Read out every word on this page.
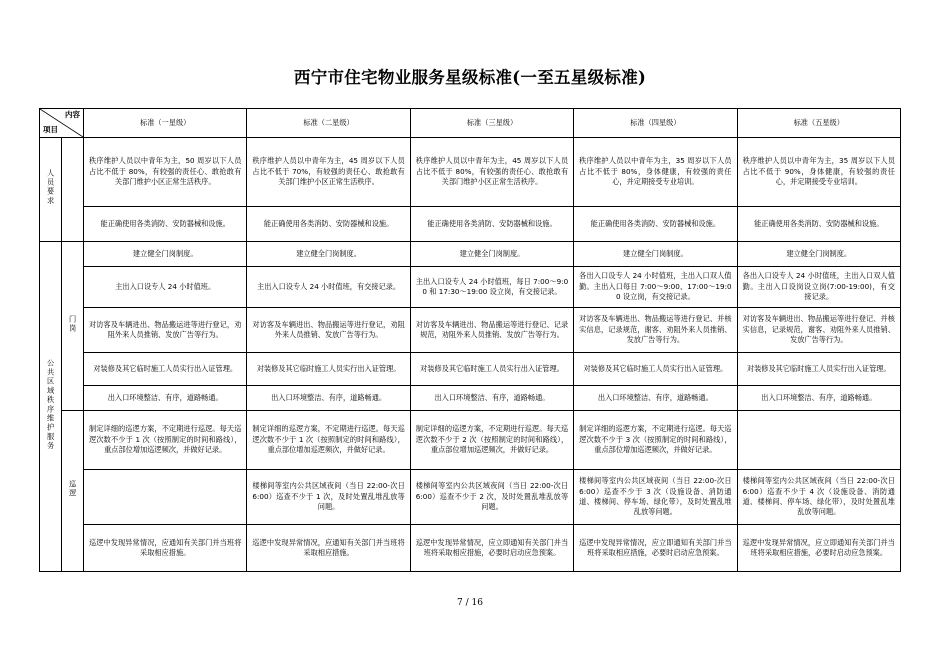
西宁市住宅物业服务星级标准(一至五星级标准)
内容
项目		标准（一星级）	标准（二星级）	标准（三星级）	标准（四星级）	标准（五星级）
人员要求		秩序维护人员以中青年为主，50 周岁以下人员占比不低于 80%，有较强的责任心、敢抢敢有关部门维护小区正常生活秩序。	秩序维护人员以中青年为主，45 周岁以下人员占比不低于 70%，有较强的责任心、敢抢敢有关部门维护小区正常生活秩序。	秩序维护人员以中青年为主，45 周岁以下人员占比不低于 80%，有较强的责任心、敢抢敢有关部门维护小区正常生活秩序。	秩序维护人员以中青年为主，35 周岁以下人员占比不低于 80%，身体健康，有较强的责任心，并定期接受专业培训。	秩序维护人员以中青年为主，35 周岁以下人员占比不低于 90%，身体健康，有较强的责任心，并定期接受专业培训。

		能正确使用各类消防、安防器械和设施。	能正确使用各类消防、安防器械和设施。	能正确使用各类消防、安防器械和设施。	能正确使用各类消防、安防器械和设施。	能正确使用各类消防、安防器械和设施。

公共区域秩序维护服务	门岗	建立健全门岗制度。	建立健全门岗制度。	建立健全门岗制度。	建立健全门岗制度。	建立健全门岗制度。

		主出入口设专人 24 小时值班。	主出入口设专人 24 小时值班，有交接记录。	主出入口设专人 24 小时值班，每日 7:00～9:00 和 17:30～19:00 设立岗，有交接记录。	各出入口设专人 24 小时值班，主出入口双人值勤。主出入口每日 7:00～9:00、17:00～19:00 设立岗，有交接记录。	各出入口设专人 24 小时值班，主出入口双人值勤。主出入口设岗设立岗(7:00-19:00)，有交接记录。

		对访客及车辆进出、物品搬运进等进行登记，劝阻外来人员推销、发放广告等行为。	对访客及车辆进出、物品搬运等进行登记，劝阻外来人员推销、发放广告等行为。	对访客及车辆进出、物品搬运等进行登记、记录规范，劝阻外来人员推销、发放广告等行为。	对访客及车辆进出、物品搬运等进行登记、并核实信息，记录规范，谢客、劝阻外来人员推销、发放广告等行为。	对访客及车辆进出、物品搬运等进行登记、并核实信息，记录规范，谢客、劝阻外来人员推销、发放广告等行为。

		对装修及其它临时施工人员实行出入证管理。	对装修及其它临时施工人员实行出入证管理。	对装修及其它临时施工人员实行出入证管理。	对装修及其它临时施工人员实行出入证管理。	对装修及其它临时施工人员实行出入证管理。

		出入口环境整洁、有序，道路畅通。	出入口环境整洁、有序，道路畅通。	出入口环境整洁、有序，道路畅通。	出入口环境整洁、有序，道路畅通。	出入口环境整洁、有序，道路畅通。

	巡逻	制定详细的巡逻方案，不定期进行巡逻。每天巡逻次数不少于 1 次（按照制定的时间和路线），重点部位增加巡逻频次，并做好记录。	制定详细的巡逻方案，不定期进行巡逻。每天巡逻次数不少于 1 次（按照制定的时间和路线），重点部位增加巡逻频次，并做好记录。	制定详细的巡逻方案，不定期进行巡逻。每天巡逻次数不少于 2 次（按照制定的时间和路线），重点部位增加巡逻频次，并做好记录。	制定详细的巡逻方案，不定期进行巡逻。每天巡逻次数不少于 3 次（按照制定的时间和路线），重点部位增加巡逻频次，并做好记录。	

			楼梯间等室内公共区域夜间（当日 22:00-次日 6:00）巡查不少于 1 次，及时处置乱堆乱放等问题。	楼梯间等室内公共区域夜间（当日 22:00-次日 6:00）巡查不少于 2 次，及时处置乱堆乱放等问题。	楼梯间等室内公共区域夜间（当日 22:00-次日 6:00）巡查不少于 3 次（设施设备、消防通道、楼梯间、停车场、绿化带），及时处置乱堆乱放等问题。	楼梯间等室内公共区域夜间（当日 22:00-次日 6:00）巡查不少于 4 次（设施设备、消防通道、楼梯间、停车场、绿化带），及时处置乱堆乱放等问题。

		巡逻中发现异常情况，应通知有关部门并当班将采取相应措施。	巡逻中发现异常情况，应通知有关部门并当班将采取相应措施。	巡逻中发现异常情况，应立即通知有关部门并当班将采取相应措施，必要时启动应急预案。	巡逻中发现异常情况，应立即通知有关部门并当班将采取相应措施，必要时启动应急预案。	巡逻中发现异常情况，应立即通知有关部门并当班将采取相应措施，必要时启动应急预案。
7 / 16
